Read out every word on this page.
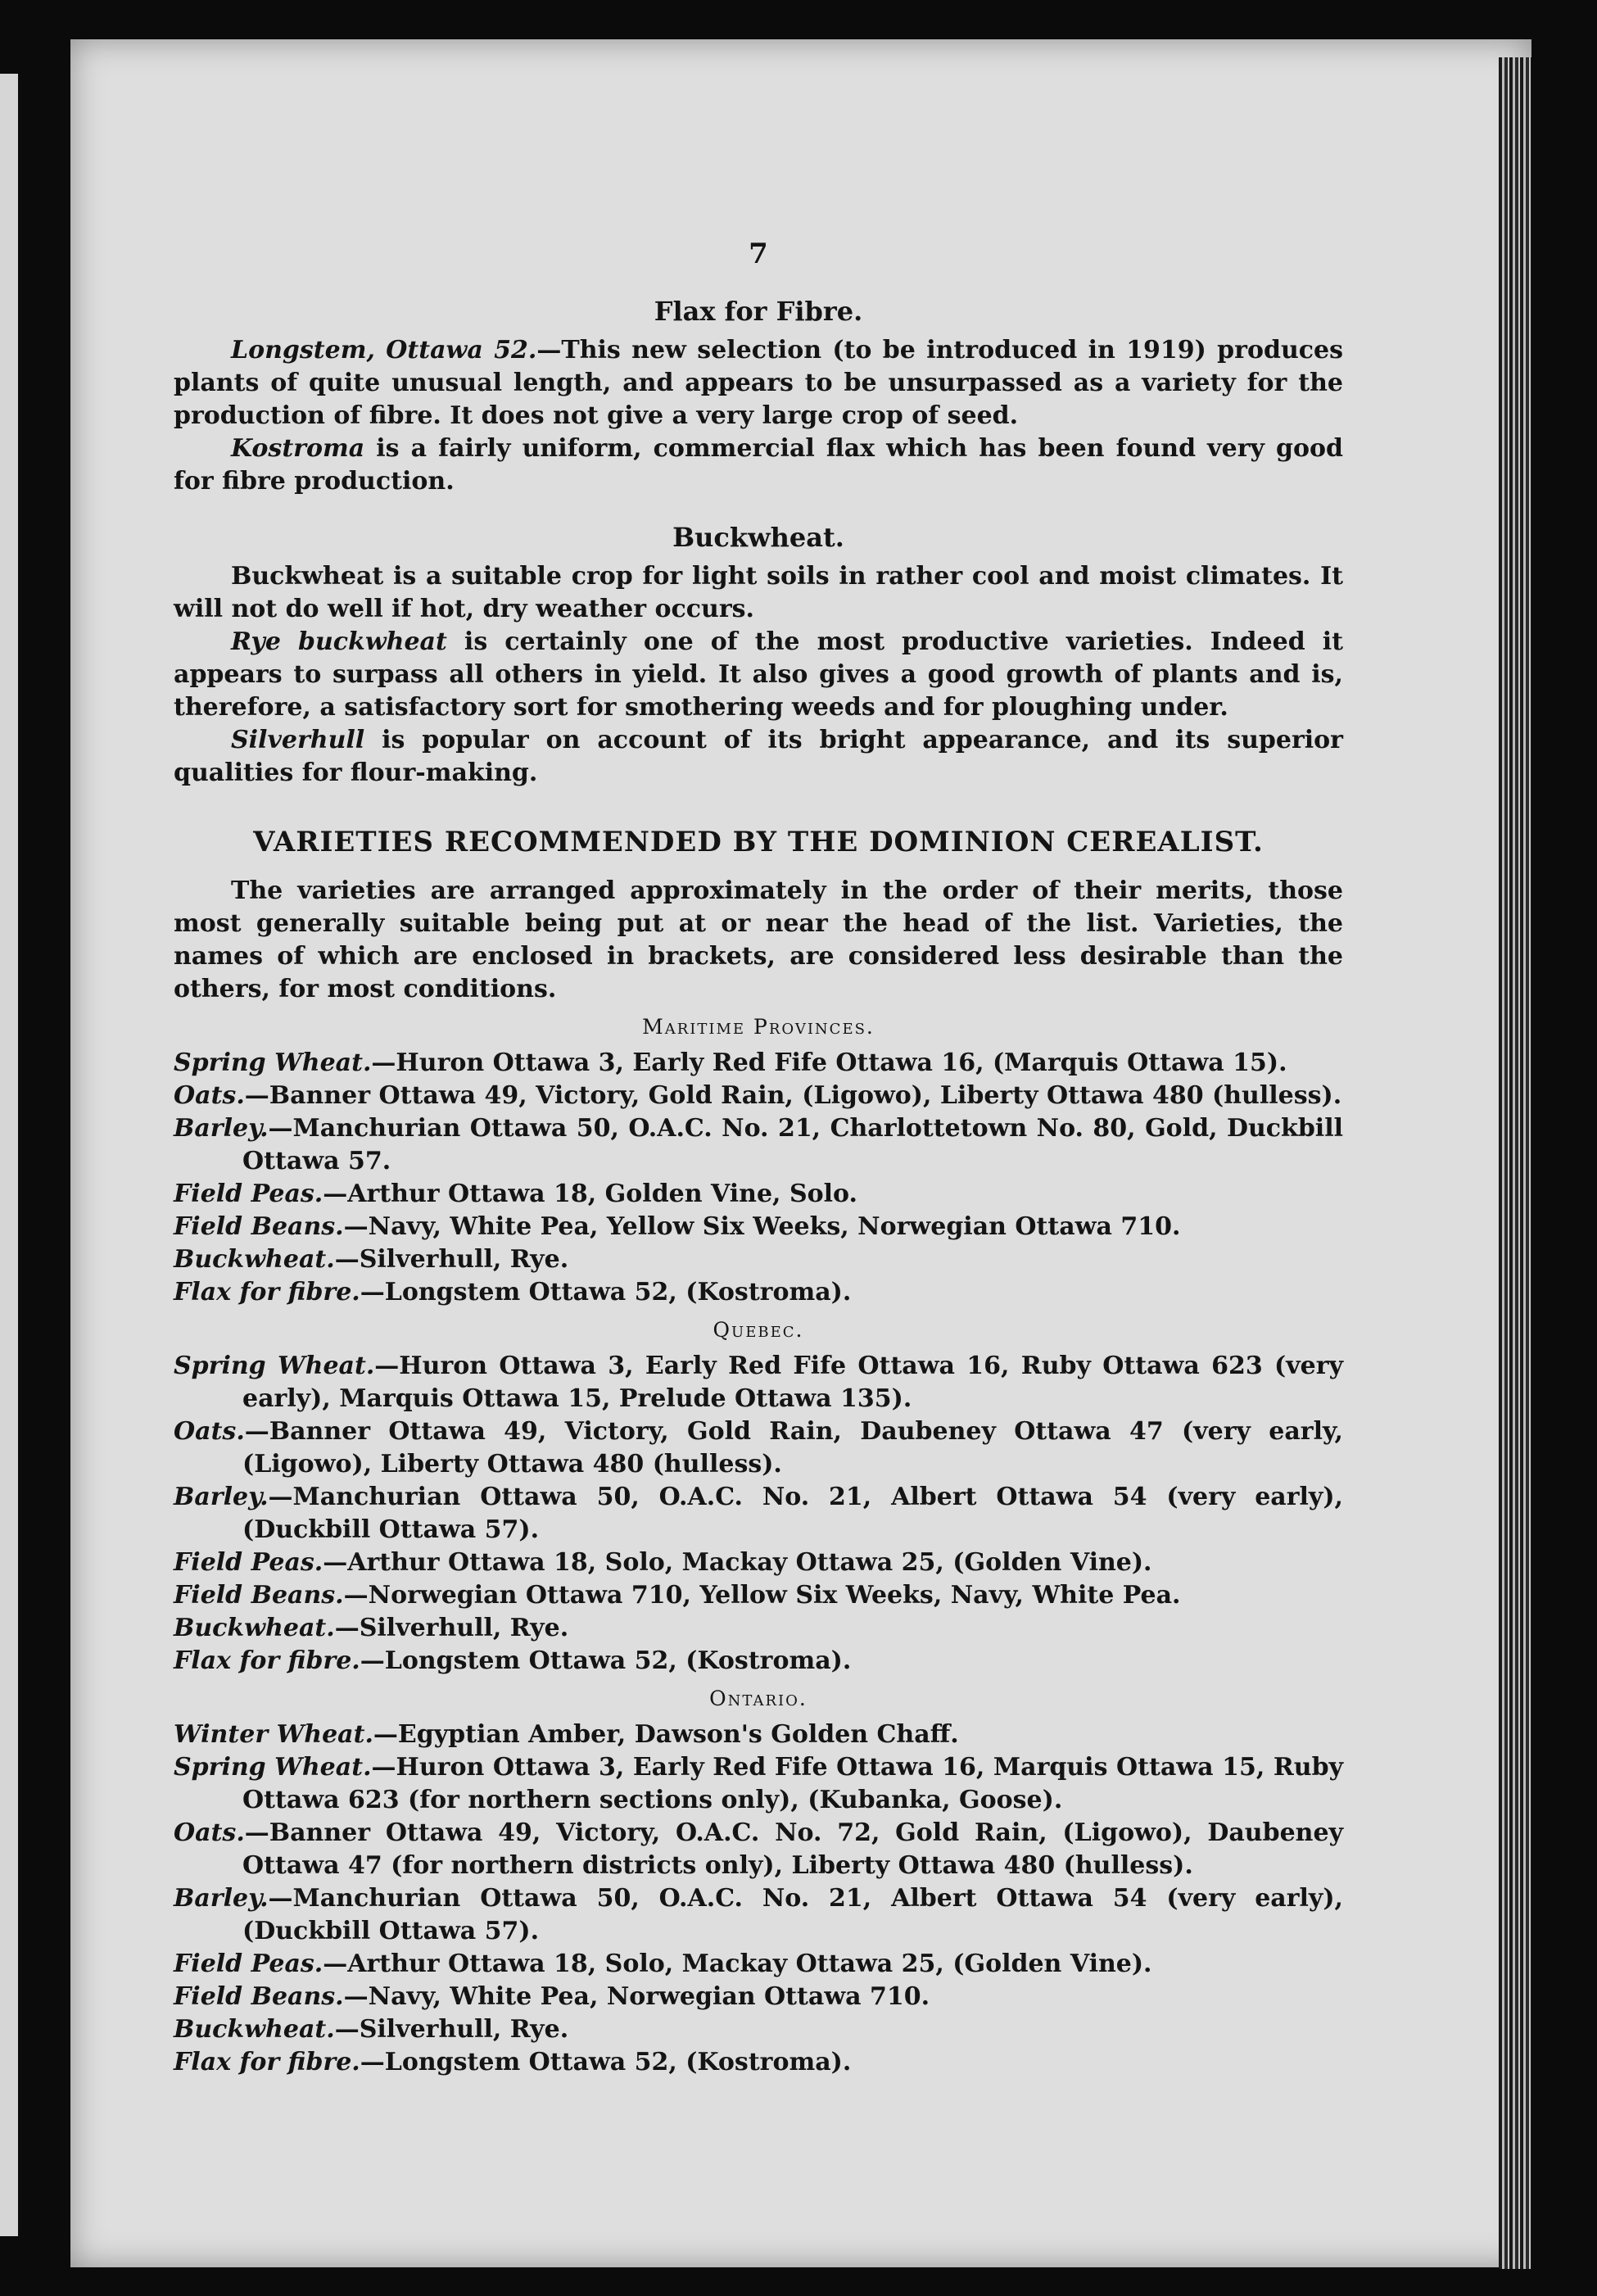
7
Flax for Fibre.

Longstem, Ottawa 52.—This new selection (to be introduced in 1919) produces plants of quite unusual length, and appears to be unsurpassed as a variety for the production of fibre. It does not give a very large crop of seed.

Kostroma is a fairly uniform, commercial flax which has been found very good for fibre production.

Buckwheat.

Buckwheat is a suitable crop for light soils in rather cool and moist climates. It will not do well if hot, dry weather occurs.

Rye buckwheat is certainly one of the most productive varieties. Indeed it appears to surpass all others in yield. It also gives a good growth of plants and is, therefore, a satisfactory sort for smothering weeds and for ploughing under.

Silverhull is popular on account of its bright appearance, and its superior qualities for flour-making.

VARIETIES RECOMMENDED BY THE DOMINION CEREALIST.

The varieties are arranged approximately in the order of their merits, those most generally suitable being put at or near the head of the list. Varieties, the names of which are enclosed in brackets, are considered less desirable than the others, for most conditions.

Maritime Provinces.

Spring Wheat.—Huron Ottawa 3, Early Red Fife Ottawa 16, (Marquis Ottawa 15).

Oats.—Banner Ottawa 49, Victory, Gold Rain, (Ligowo), Liberty Ottawa 480 (hulless).

Barley.—Manchurian Ottawa 50, O.A.C. No. 21, Charlottetown No. 80, Gold, Duckbill Ottawa 57.

Field Peas.—Arthur Ottawa 18, Golden Vine, Solo.

Field Beans.—Navy, White Pea, Yellow Six Weeks, Norwegian Ottawa 710.

Buckwheat.—Silverhull, Rye.

Flax for fibre.—Longstem Ottawa 52, (Kostroma).

Quebec.

Spring Wheat.—Huron Ottawa 3, Early Red Fife Ottawa 16, Ruby Ottawa 623 (very early), Marquis Ottawa 15, Prelude Ottawa 135).

Oats.—Banner Ottawa 49, Victory, Gold Rain, Daubeney Ottawa 47 (very early, (Ligowo), Liberty Ottawa 480 (hulless).

Barley.—Manchurian Ottawa 50, O.A.C. No. 21, Albert Ottawa 54 (very early), (Duckbill Ottawa 57).

Field Peas.—Arthur Ottawa 18, Solo, Mackay Ottawa 25, (Golden Vine).

Field Beans.—Norwegian Ottawa 710, Yellow Six Weeks, Navy, White Pea.

Buckwheat.—Silverhull, Rye.

Flax for fibre.—Longstem Ottawa 52, (Kostroma).

Ontario.

Winter Wheat.—Egyptian Amber, Dawson's Golden Chaff.

Spring Wheat.—Huron Ottawa 3, Early Red Fife Ottawa 16, Marquis Ottawa 15, Ruby Ottawa 623 (for northern sections only), (Kubanka, Goose).

Oats.—Banner Ottawa 49, Victory, O.A.C. No. 72, Gold Rain, (Ligowo), Daubeney Ottawa 47 (for northern districts only), Liberty Ottawa 480 (hulless).

Barley.—Manchurian Ottawa 50, O.A.C. No. 21, Albert Ottawa 54 (very early), (Duckbill Ottawa 57).

Field Peas.—Arthur Ottawa 18, Solo, Mackay Ottawa 25, (Golden Vine).

Field Beans.—Navy, White Pea, Norwegian Ottawa 710.

Buckwheat.—Silverhull, Rye.

Flax for fibre.—Longstem Ottawa 52, (Kostroma).
